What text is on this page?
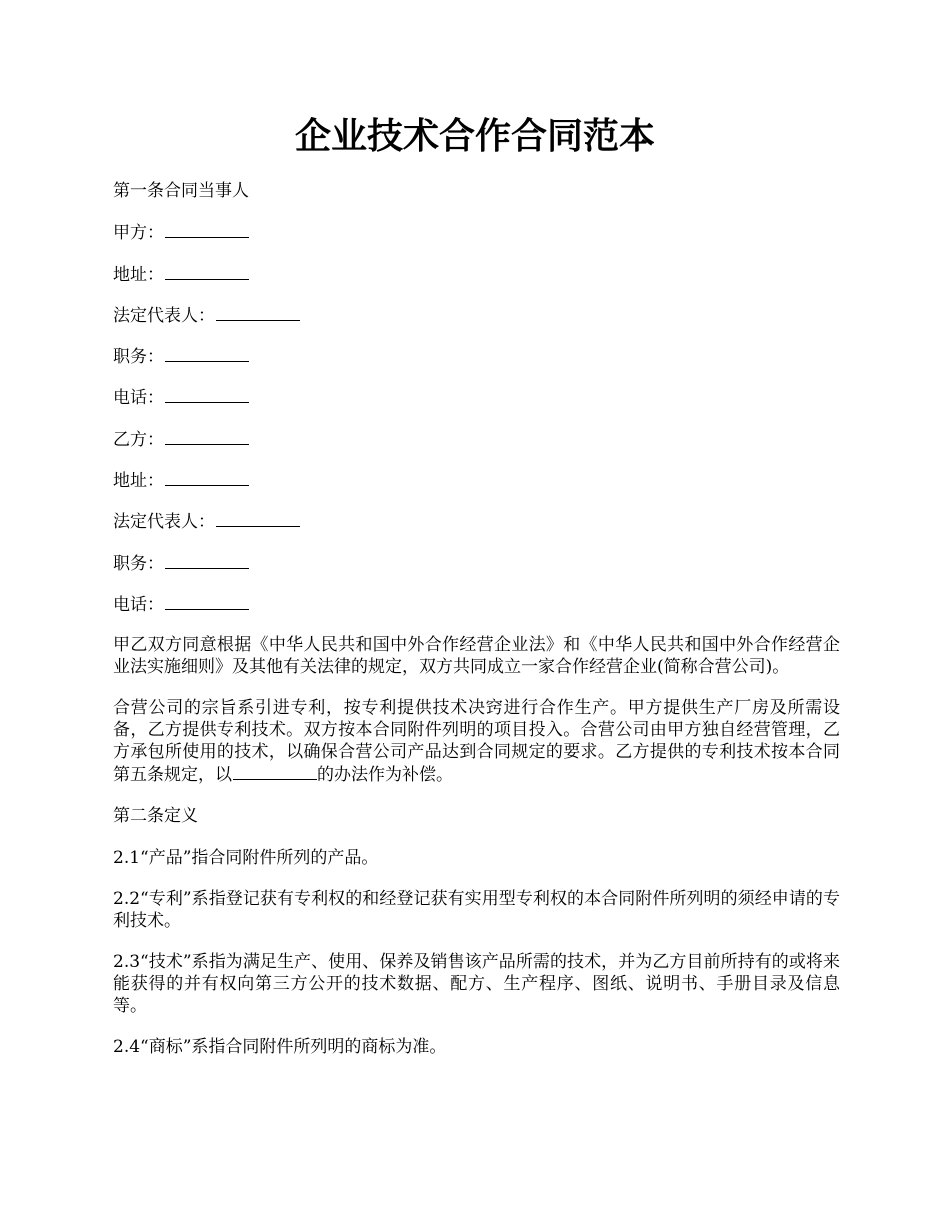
企业技术合作合同范本
第一条合同当事人
甲方：
地址：
法定代表人：
职务：
电话：
乙方：
地址：
法定代表人：
职务：
电话：

甲乙双方同意根据《中华人民共和国中外合作经营企业法》和《中华人民共和国中外合作经营企业法实施细则》及其他有关法律的规定，双方共同成立一家合作经营企业(简称合营公司)。

合营公司的宗旨系引进专利，按专利提供技术决窍进行合作生产。甲方提供生产厂房及所需设备，乙方提供专利技术。双方按本合同附件列明的项目投入。合营公司由甲方独自经营管理，乙方承包所使用的技术，以确保合营公司产品达到合同规定的要求。乙方提供的专利技术按本合同第五条规定，以	的办法作为补偿。

第二条定义

2.1“产品”指合同附件所列的产品。

2.2“专利”系指登记获有专利权的和经登记获有实用型专利权的本合同附件所列明的须经申请的专利技术。

2.3“技术”系指为满足生产、使用、保养及销售该产品所需的技术，并为乙方目前所持有的或将来能获得的并有权向第三方公开的技术数据、配方、生产程序、图纸、说明书、手册目录及信息等。

2.4“商标”系指合同附件所列明的商标为准。
